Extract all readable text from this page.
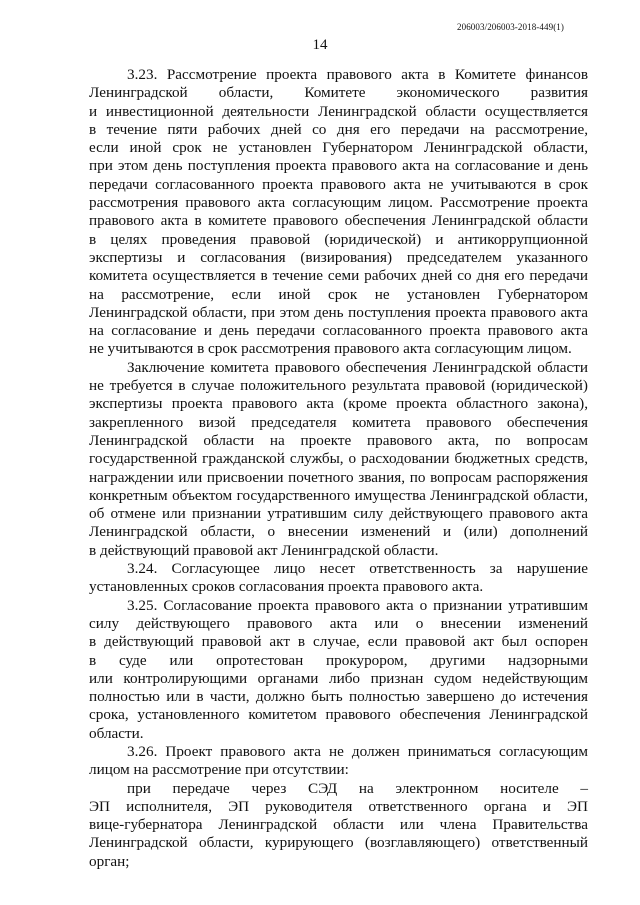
206003/206003-2018-449(1)
14
3.23. Рассмотрение проекта правового акта в Комитете финансов
Ленинградской области, Комитете экономического развития
и инвестиционной деятельности Ленинградской области осуществляется
в течение пяти рабочих дней со дня его передачи на рассмотрение,
если иной срок не установлен Губернатором Ленинградской области,
при этом день поступления проекта правового акта на согласование и день
передачи согласованного проекта правового акта не учитываются в срок
рассмотрения правового акта согласующим лицом. Рассмотрение проекта
правового акта в комитете правового обеспечения Ленинградской области
в целях проведения правовой (юридической) и антикоррупционной
экспертизы и согласования (визирования) председателем указанного
комитета осуществляется в течение семи рабочих дней со дня его передачи
на рассмотрение, если иной срок не установлен Губернатором
Ленинградской области, при этом день поступления проекта правового акта
на согласование и день передачи согласованного проекта правового акта
не учитываются в срок рассмотрения правового акта согласующим лицом.
Заключение комитета правового обеспечения Ленинградской области
не требуется в случае положительного результата правовой (юридической)
экспертизы проекта правового акта (кроме проекта областного закона),
закрепленного визой председателя комитета правового обеспечения
Ленинградской области на проекте правового акта, по вопросам
государственной гражданской службы, о расходовании бюджетных средств,
награждении или присвоении почетного звания, по вопросам распоряжения
конкретным объектом государственного имущества Ленинградской области,
об отмене или признании утратившим силу действующего правового акта
Ленинградской области, о внесении изменений и (или) дополнений
в действующий правовой акт Ленинградской области.
3.24. Согласующее лицо несет ответственность за нарушение
установленных сроков согласования проекта правового акта.
3.25. Согласование проекта правового акта о признании утратившим
силу действующего правового акта или о внесении изменений
в действующий правовой акт в случае, если правовой акт был оспорен
в суде или опротестован прокурором, другими надзорными
или контролирующими органами либо признан судом недействующим
полностью или в части, должно быть полностью завершено до истечения
срока, установленного комитетом правового обеспечения Ленинградской
области.
3.26. Проект правового акта не должен приниматься согласующим
лицом на рассмотрение при отсутствии:
при передаче через СЭД на электронном носителе –
ЭП исполнителя, ЭП руководителя ответственного органа и ЭП
вице-губернатора Ленинградской области или члена Правительства
Ленинградской области, курирующего (возглавляющего) ответственный
орган;
